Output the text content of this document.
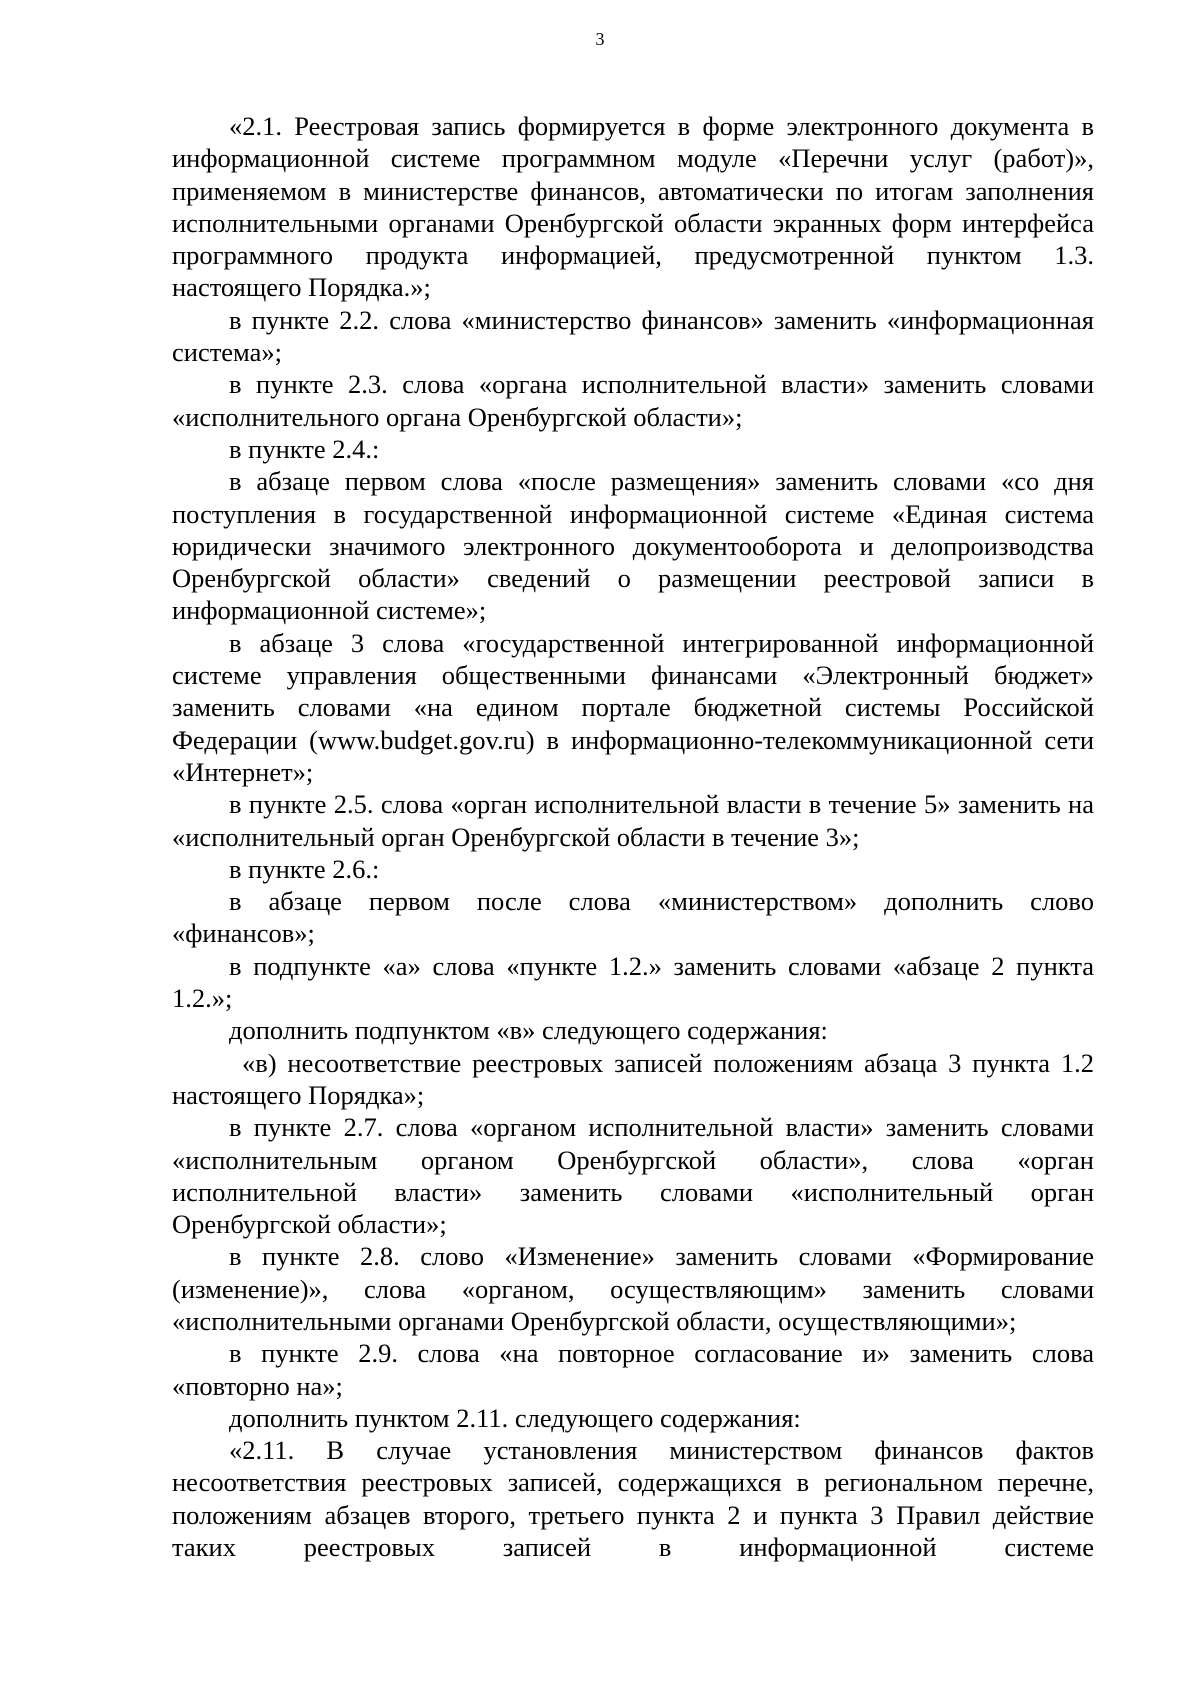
3

«2.1. Реестровая запись формируется в форме электронного документа в информационной системе программном модуле «Перечни услуг (работ)», применяемом в министерстве финансов, автоматически по итогам заполнения исполнительными органами Оренбургской области экранных форм интерфейса программного продукта информацией, предусмотренной пунктом 1.3. настоящего Порядка.»;

в пункте 2.2. слова «министерство финансов» заменить «информационная система»;

в пункте 2.3. слова «органа исполнительной власти» заменить словами «исполнительного органа Оренбургской области»;

в пункте 2.4.:

в абзаце первом слова «после размещения» заменить словами «со дня поступления в государственной информационной системе «Единая система юридически значимого электронного документооборота и делопроизводства Оренбургской области» сведений о размещении реестровой записи в информационной системе»;

в абзаце 3 слова «государственной интегрированной информационной системе управления общественными финансами «Электронный бюджет» заменить словами «на едином портале бюджетной системы Российской Федерации (www.budget.gov.ru) в информационно-телекоммуникационной сети «Интернет»;

в пункте 2.5. слова «орган исполнительной власти в течение 5» заменить на «исполнительный орган Оренбургской области в течение 3»;

в пункте 2.6.:

в абзаце первом после слова «министерством» дополнить слово «финансов»;

в подпункте «а» слова «пункте 1.2.» заменить словами «абзаце 2 пункта 1.2.»;

дополнить подпунктом «в» следующего содержания:

«в) несоответствие реестровых записей положениям абзаца 3 пункта 1.2 настоящего Порядка»;

в пункте 2.7. слова «органом исполнительной власти» заменить словами «исполнительным органом Оренбургской области», слова «орган исполнительной власти» заменить словами «исполнительный орган Оренбургской области»;

в пункте 2.8. слово «Изменение» заменить словами «Формирование (изменение)», слова «органом, осуществляющим» заменить словами «исполнительными органами Оренбургской области, осуществляющими»;

в пункте 2.9. слова «на повторное согласование и» заменить слова «повторно на»;

дополнить пунктом 2.11. следующего содержания:

«2.11. В случае установления министерством финансов фактов несоответствия реестровых записей, содержащихся в региональном перечне, положениям абзацев второго, третьего пункта 2 и пункта 3 Правил действие таких реестровых записей в информационной системе
